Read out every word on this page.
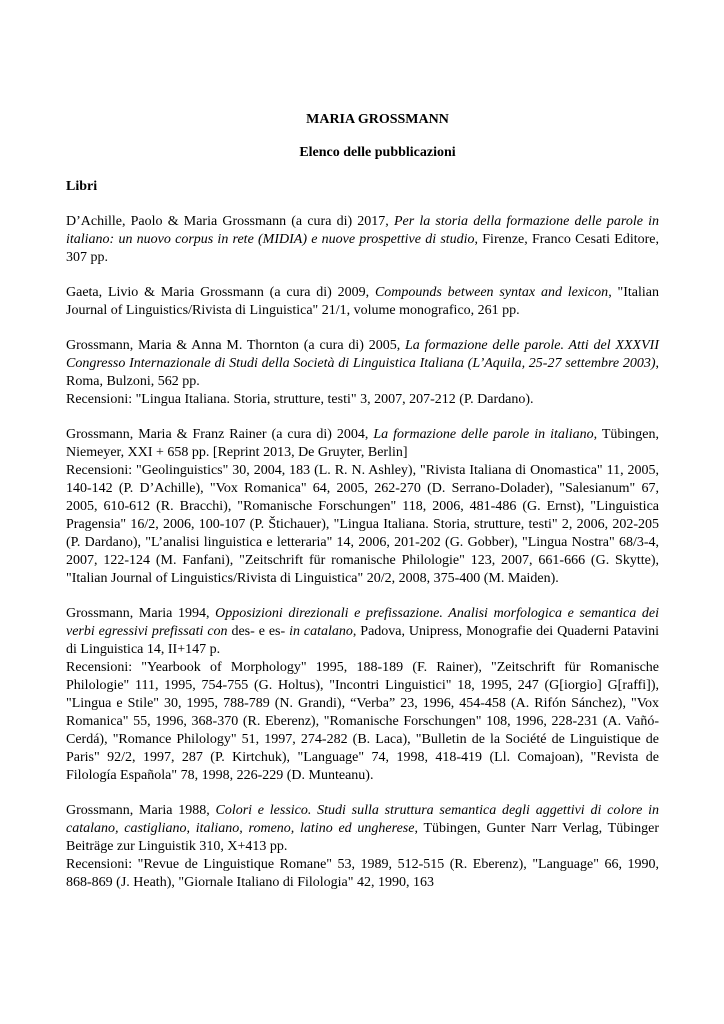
MARIA GROSSMANN

Elenco delle pubblicazioni

Libri

D’Achille, Paolo & Maria Grossmann (a cura di) 2017, Per la storia della formazione delle parole in italiano: un nuovo corpus in rete (MIDIA) e nuove prospettive di studio, Firenze, Franco Cesati Editore, 307 pp.

Gaeta, Livio & Maria Grossmann (a cura di) 2009, Compounds between syntax and lexicon, "Italian Journal of Linguistics/Rivista di Linguistica" 21/1, volume monografico, 261 pp.

Grossmann, Maria & Anna M. Thornton (a cura di) 2005, La formazione delle parole. Atti del XXXVII Congresso Internazionale di Studi della Società di Linguistica Italiana (L’Aquila, 25-27 settembre 2003), Roma, Bulzoni, 562 pp.

Recensioni: "Lingua Italiana. Storia, strutture, testi" 3, 2007, 207-212 (P. Dardano).

Grossmann, Maria & Franz Rainer (a cura di) 2004, La formazione delle parole in italiano, Tübingen, Niemeyer, XXI + 658 pp. [Reprint 2013, De Gruyter, Berlin]

Recensioni: "Geolinguistics" 30, 2004, 183 (L. R. N. Ashley), "Rivista Italiana di Onomastica" 11, 2005, 140-142 (P. D’Achille), "Vox Romanica" 64, 2005, 262-270 (D. Serrano-Dolader), "Salesianum" 67, 2005, 610-612 (R. Bracchi), "Romanische Forschungen" 118, 2006, 481-486 (G. Ernst), "Linguistica Pragensia" 16/2, 2006, 100-107 (P. Štichauer), "Lingua Italiana. Storia, strutture, testi" 2, 2006, 202-205 (P. Dardano), "L’analisi linguistica e letteraria" 14, 2006, 201-202 (G. Gobber), "Lingua Nostra" 68/3-4, 2007, 122-124 (M. Fanfani), "Zeitschrift für romanische Philologie" 123, 2007, 661-666 (G. Skytte), "Italian Journal of Linguistics/Rivista di Linguistica" 20/2, 2008, 375-400 (M. Maiden).

Grossmann, Maria 1994, Opposizioni direzionali e prefissazione. Analisi morfologica e semantica dei verbi egressivi prefissati con des- e es- in catalano, Padova, Unipress, Monografie dei Quaderni Patavini di Linguistica 14, II+147 p.

Recensioni: "Yearbook of Morphology" 1995, 188-189 (F. Rainer), "Zeitschrift für Romanische Philologie" 111, 1995, 754-755 (G. Holtus), "Incontri Linguistici" 18, 1995, 247 (G[iorgio] G[raffi]), "Lingua e Stile" 30, 1995, 788-789 (N. Grandi), “Verba” 23, 1996, 454-458 (A. Rifón Sánchez), "Vox Romanica" 55, 1996, 368-370 (R. Eberenz), "Romanische Forschungen" 108, 1996, 228-231 (A. Vañó-Cerdá), "Romance Philology" 51, 1997, 274-282 (B. Laca), "Bulletin de la Société de Linguistique de Paris" 92/2, 1997, 287 (P. Kirtchuk), "Language" 74, 1998, 418-419 (Ll. Comajoan), "Revista de Filología Española" 78, 1998, 226-229 (D. Munteanu).

Grossmann, Maria 1988, Colori e lessico. Studi sulla struttura semantica degli aggettivi di colore in catalano, castigliano, italiano, romeno, latino ed ungherese, Tübingen, Gunter Narr Verlag, Tübinger Beiträge zur Linguistik 310, X+413 pp.

Recensioni: "Revue de Linguistique Romane" 53, 1989, 512-515 (R. Eberenz), "Language" 66, 1990, 868-869 (J. Heath), "Giornale Italiano di Filologia" 42, 1990, 163
